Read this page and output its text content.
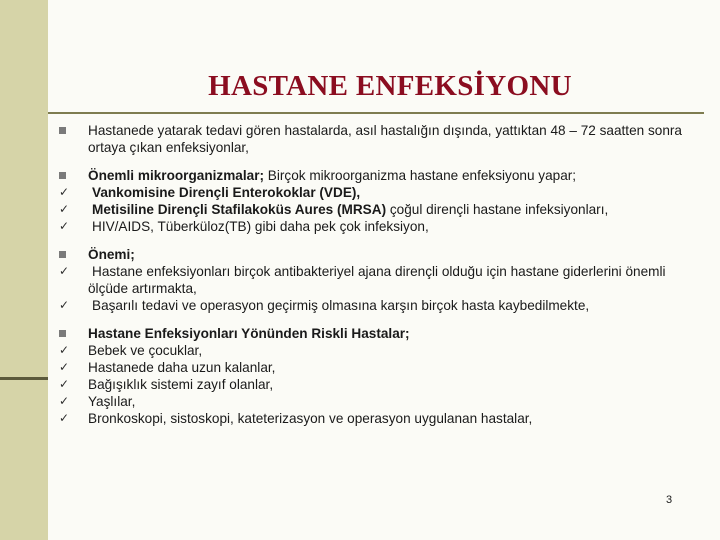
HASTANE ENFEKSİYONU
Hastanede yatarak tedavi gören hastalarda, asıl hastalığın dışında, yattıktan 48 – 72 saatten sonra ortaya çıkan enfeksiyonlar,
Önemli mikroorganizmalar; Birçok mikroorganizma hastane enfeksiyonu yapar;
✓ Vankomisine Dirençli Enterokoklar (VDE),
✓ Metisiline Dirençli Stafilakoküs Aures (MRSA) çoğul dirençli hastane infeksiyonları,
✓ HIV/AIDS, Tüberküloz(TB) gibi daha pek çok infeksiyon,
Önemi;
✓ Hastane enfeksiyonları birçok antibakteriyel ajana dirençli olduğu için hastane giderlerini önemli ölçüde artırmakta,
✓ Başarılı tedavi ve operasyon geçirmiş olmasına karşın birçok hasta kaybedilmekte,
Hastane Enfeksiyonları Yönünden Riskli Hastalar;
✓ Bebek ve çocuklar,
✓ Hastanede daha uzun kalanlar,
✓ Bağışıklık sistemi zayıf olanlar,
✓ Yaşlılar,
✓ Bronkoskopi, sistoskopi, kateterizasyon ve operasyon uygulanan hastalar,
3
